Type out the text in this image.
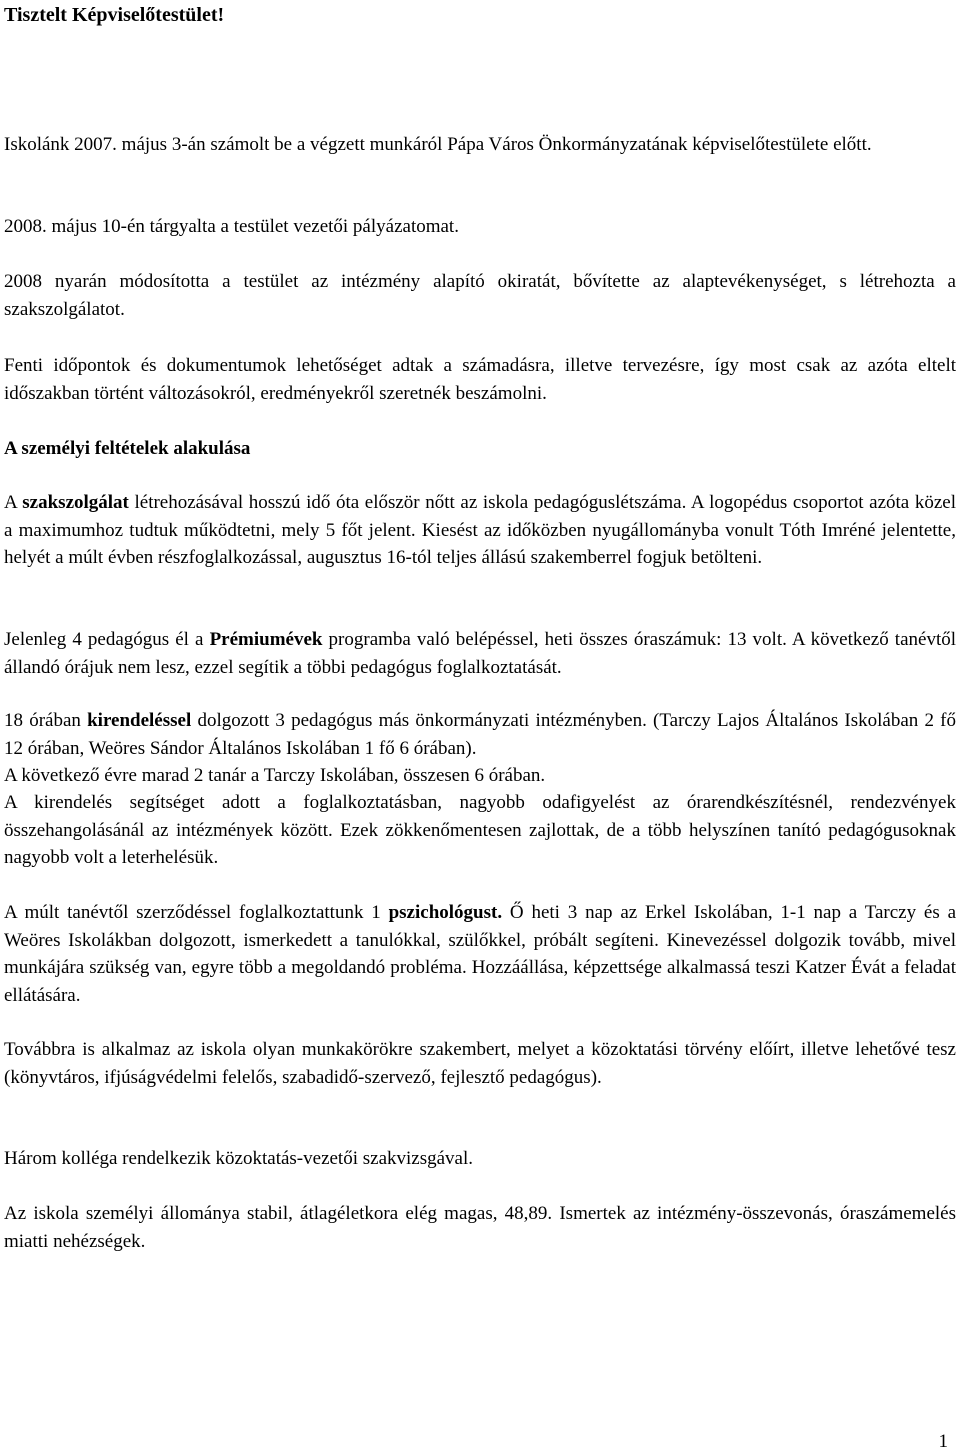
Tisztelt Képviselőtestület!

Iskolánk 2007. május 3-án számolt be a végzett munkáról Pápa Város Önkormányzatának képviselőtestülete előtt.

2008. május 10-én tárgyalta a testület vezetői pályázatomat.

2008 nyarán módosította a testület az intézmény alapító okiratát, bővítette az alaptevékenységet, s létrehozta a szakszolgálatot.

Fenti időpontok és dokumentumok lehetőséget adtak a számadásra, illetve tervezésre, így most csak az azóta eltelt időszakban történt változásokról, eredményekről szeretnék beszámolni.

A személyi feltételek alakulása

A szakszolgálat létrehozásával hosszú idő óta először nőtt az iskola pedagóguslétszáma. A logopédus csoportot azóta közel a maximumhoz tudtuk működtetni, mely 5 főt jelent. Kiesést az időközben nyugállományba vonult Tóth Imréné jelentette, helyét a múlt évben részfoglalkozással, augusztus 16-tól teljes állású szakemberrel fogjuk betölteni.

Jelenleg 4 pedagógus él a Prémiumévek programba való belépéssel, heti összes óraszámuk: 13 volt. A következő tanévtől állandó órájuk nem lesz, ezzel segítik a többi pedagógus foglalkoztatását.

18 órában kirendeléssel dolgozott 3 pedagógus más önkormányzati intézményben. (Tarczy Lajos Általános Iskolában 2 fő 12 órában, Weöres Sándor Általános Iskolában 1 fő 6 órában).

A következő évre marad 2 tanár a Tarczy Iskolában, összesen 6 órában.

A kirendelés segítséget adott a foglalkoztatásban, nagyobb odafigyelést az órarendkészítésnél, rendezvények összehangolásánál az intézmények között. Ezek zökkenőmentesen zajlottak, de a több helyszínen tanító pedagógusoknak nagyobb volt a leterhelésük.

A múlt tanévtől szerződéssel foglalkoztattunk 1 pszichológust. Ő heti 3 nap az Erkel Iskolában, 1-1 nap a Tarczy és a Weöres Iskolákban dolgozott, ismerkedett a tanulókkal, szülőkkel, próbált segíteni. Kinevezéssel dolgozik tovább, mivel munkájára szükség van, egyre több a megoldandó probléma. Hozzáállása, képzettsége alkalmassá teszi Katzer Évát a feladat ellátására.

Továbbra is alkalmaz az iskola olyan munkakörökre szakembert, melyet a közoktatási törvény előírt, illetve lehetővé tesz (könyvtáros, ifjúságvédelmi felelős, szabadidő-szervező, fejlesztő pedagógus).

Három kolléga rendelkezik közoktatás-vezetői szakvizsgával.

Az iskola személyi állománya stabil, átlagéletkora elég magas, 48,89. Ismertek az intézmény-összevonás, óraszámemelés miatti nehézségek.

1
